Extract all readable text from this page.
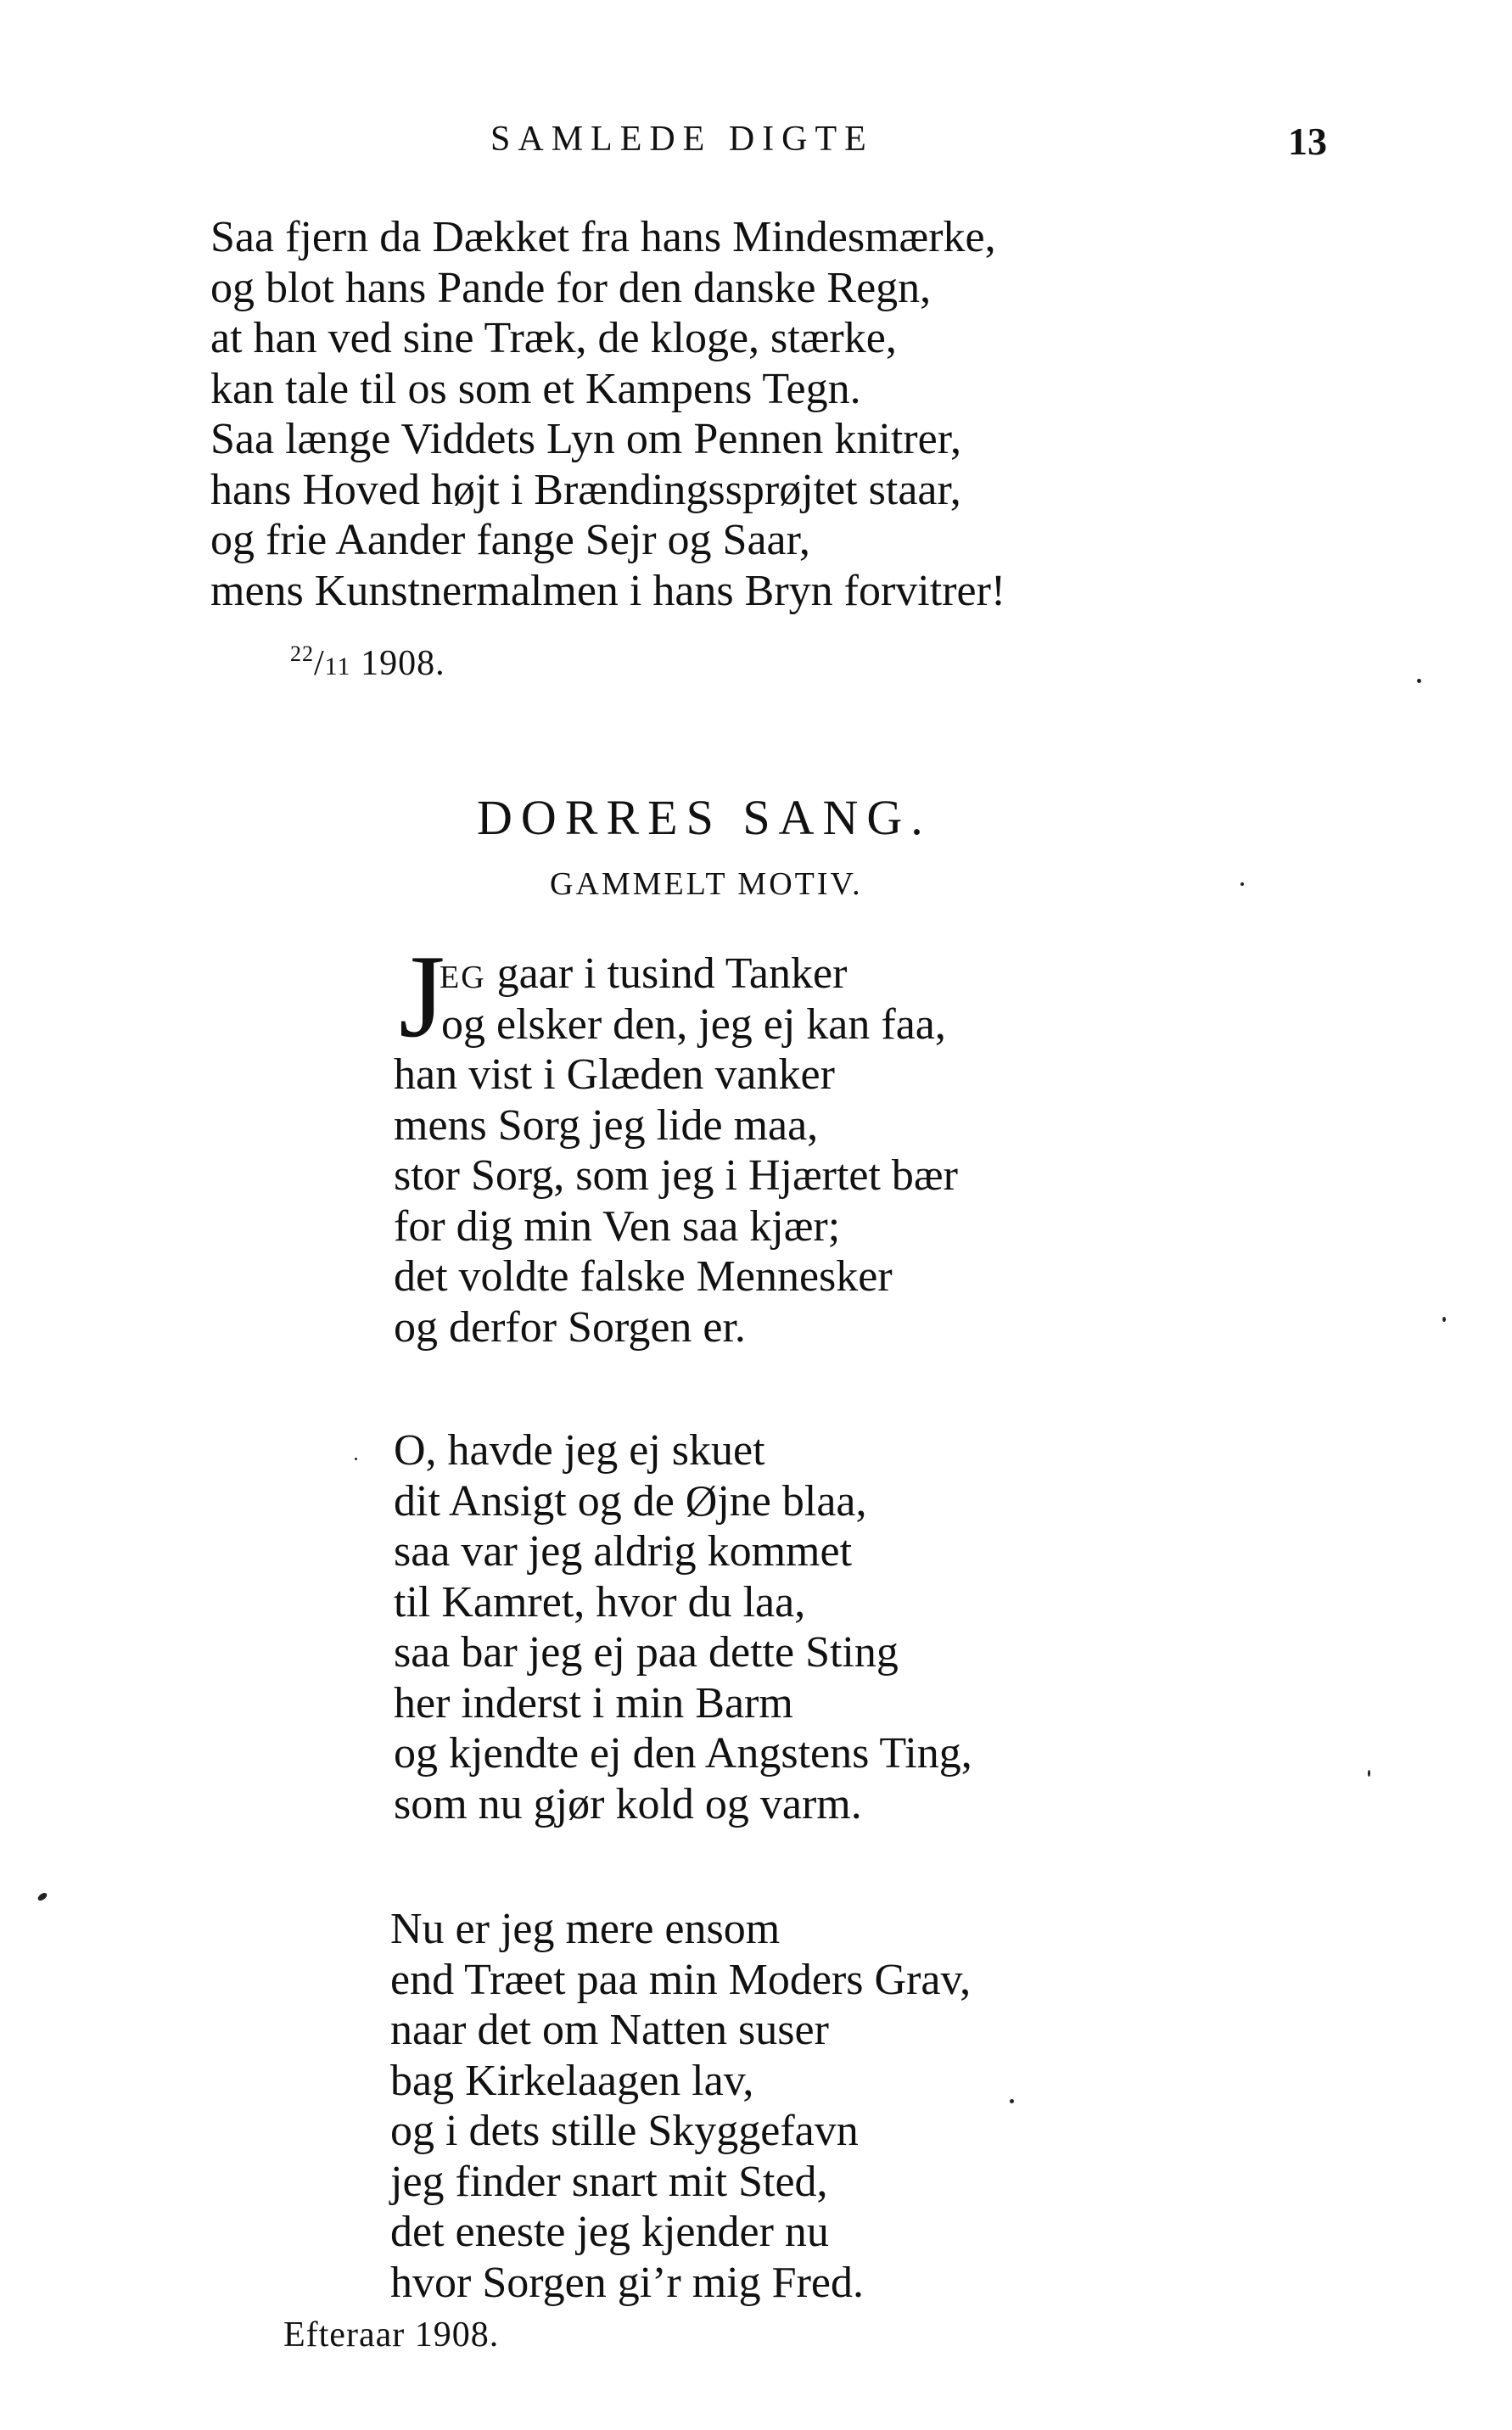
SAMLEDE DIGTE	13
Saa fjern da Dækket fra hans Mindesmærke,
og blot hans Pande for den danske Regn,
at han ved sine Træk, de kloge, stærke,
kan tale til os som et Kampens Tegn.
Saa længe Viddets Lyn om Pennen knitrer,
hans Hoved højt i Brændingssprøjtet staar,
og frie Aander fange Sejr og Saar,
mens Kunstnermalmen i hans Bryn forvitrer!
$^{22}$/11 1908.
DORRES SANG.
GAMMELT MOTIV.
J
EG gaar i tusind Tanker
og elsker den, jeg ej kan faa,
han vist i Glæden vanker
mens Sorg jeg lide maa,
stor Sorg, som jeg i Hjærtet bær
for dig min Ven saa kjær;
det voldte falske Mennesker
og derfor Sorgen er.
O, havde jeg ej skuet
dit Ansigt og de Øjne blaa,
saa var jeg aldrig kommet
til Kamret, hvor du laa,
saa bar jeg ej paa dette Sting
her inderst i min Barm
og kjendte ej den Angstens Ting,
som nu gjør kold og varm.
Nu er jeg mere ensom
end Træet paa min Moders Grav,
naar det om Natten suser
bag Kirkelaagen lav,
og i dets stille Skyggefavn
jeg finder snart mit Sted,
det eneste jeg kjender nu
hvor Sorgen gi’r mig Fred.
Efteraar 1908.
